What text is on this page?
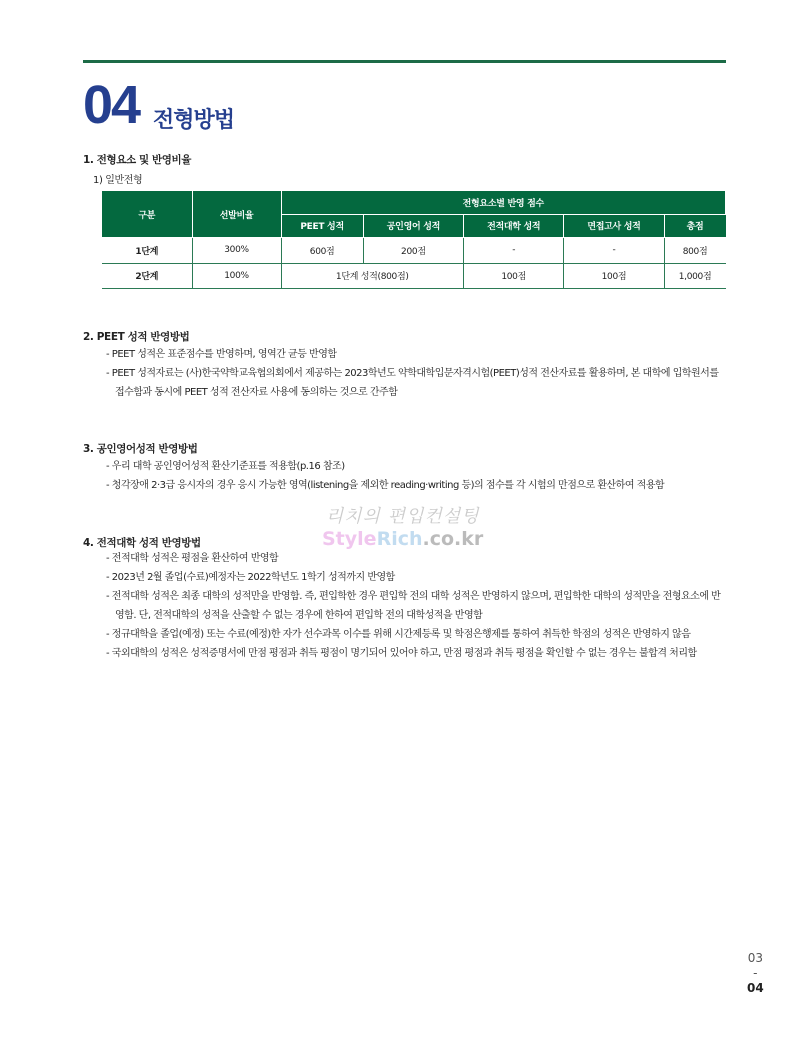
04 전형방법
1. 전형요소 및 반영비율
1) 일반전형
구분	선발비율	전형요소별 반영 점수				
		PEET 성적	공인영어 성적	전적대학 성적	면접고사 성적	총점
1단계	300%	600점	200점	-	-	800점
2단계	100%	1단계 성적(800점)		100점	100점	1,000점
2. PEET 성적 반영방법
- PEET 성적은 표준점수를 반영하며, 영역간 균등 반영함
- PEET 성적자료는 (사)한국약학교육협의회에서 제공하는 2023학년도 약학대학입문자격시험(PEET)성적 전산자료를 활용하며, 본 대학에 입학원서를 접수함과 동시에 PEET 성적 전산자료 사용에 동의하는 것으로 간주함
3. 공인영어성적 반영방법
- 우리 대학 공인영어성적 환산기준표를 적용함(p.16 참조)
- 청각장애 2·3급 응시자의 경우 응시 가능한 영역(listening을 제외한 reading·writing 등)의 점수를 각 시험의 만점으로 환산하여 적용함
리치의 편입컨설팅
StyleRich.co.kr
4. 전적대학 성적 반영방법
- 전적대학 성적은 평점을 환산하여 반영함
- 2023년 2월 졸업(수료)예정자는 2022학년도 1학기 성적까지 반영함
- 전적대학 성적은 최종 대학의 성적만을 반영함. 즉, 편입학한 경우 편입학 전의 대학 성적은 반영하지 않으며, 편입학한 대학의 성적만을 전형요소에 반영함. 단, 전적대학의 성적을 산출할 수 없는 경우에 한하여 편입학 전의 대학성적을 반영함
- 정규대학을 졸업(예정) 또는 수료(예정)한 자가 선수과목 이수를 위해 시간제등록 및 학점은행제를 통하여 취득한 학점의 성적은 반영하지 않음
- 국외대학의 성적은 성적증명서에 만점 평점과 취득 평점이 명기되어 있어야 하고, 만점 평점과 취득 평점을 확인할 수 없는 경우는 불합격 처리함
03
-
04
